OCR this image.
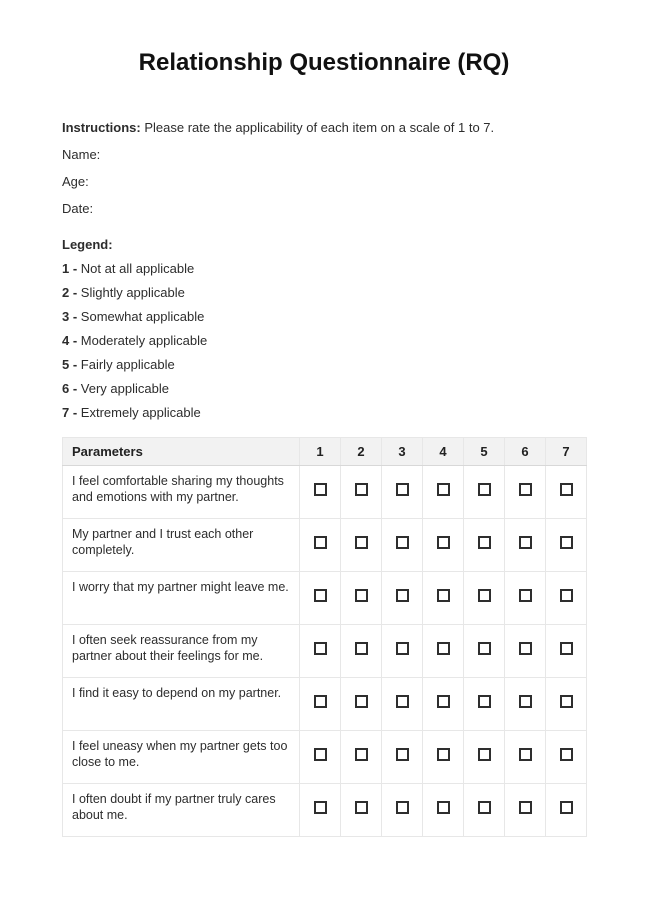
Relationship Questionnaire (RQ)

Instructions: Please rate the applicability of each item on a scale of 1 to 7.

Name:
Age:
Date:
Legend:
1 - Not at all applicable
2 - Slightly applicable
3 - Somewhat applicable
4 - Moderately applicable
5 - Fairly applicable
6 - Very applicable
7 - Extremely applicable
Parameters	1	2	3	4	5	6	7
I feel comfortable sharing my thoughts and emotions with my partner.							
My partner and I trust each other completely.							
I worry that my partner might leave me.							
I often seek reassurance from my partner about their feelings for me.							
I find it easy to depend on my partner.							
I feel uneasy when my partner gets too close to me.							
I often doubt if my partner truly cares about me.							
